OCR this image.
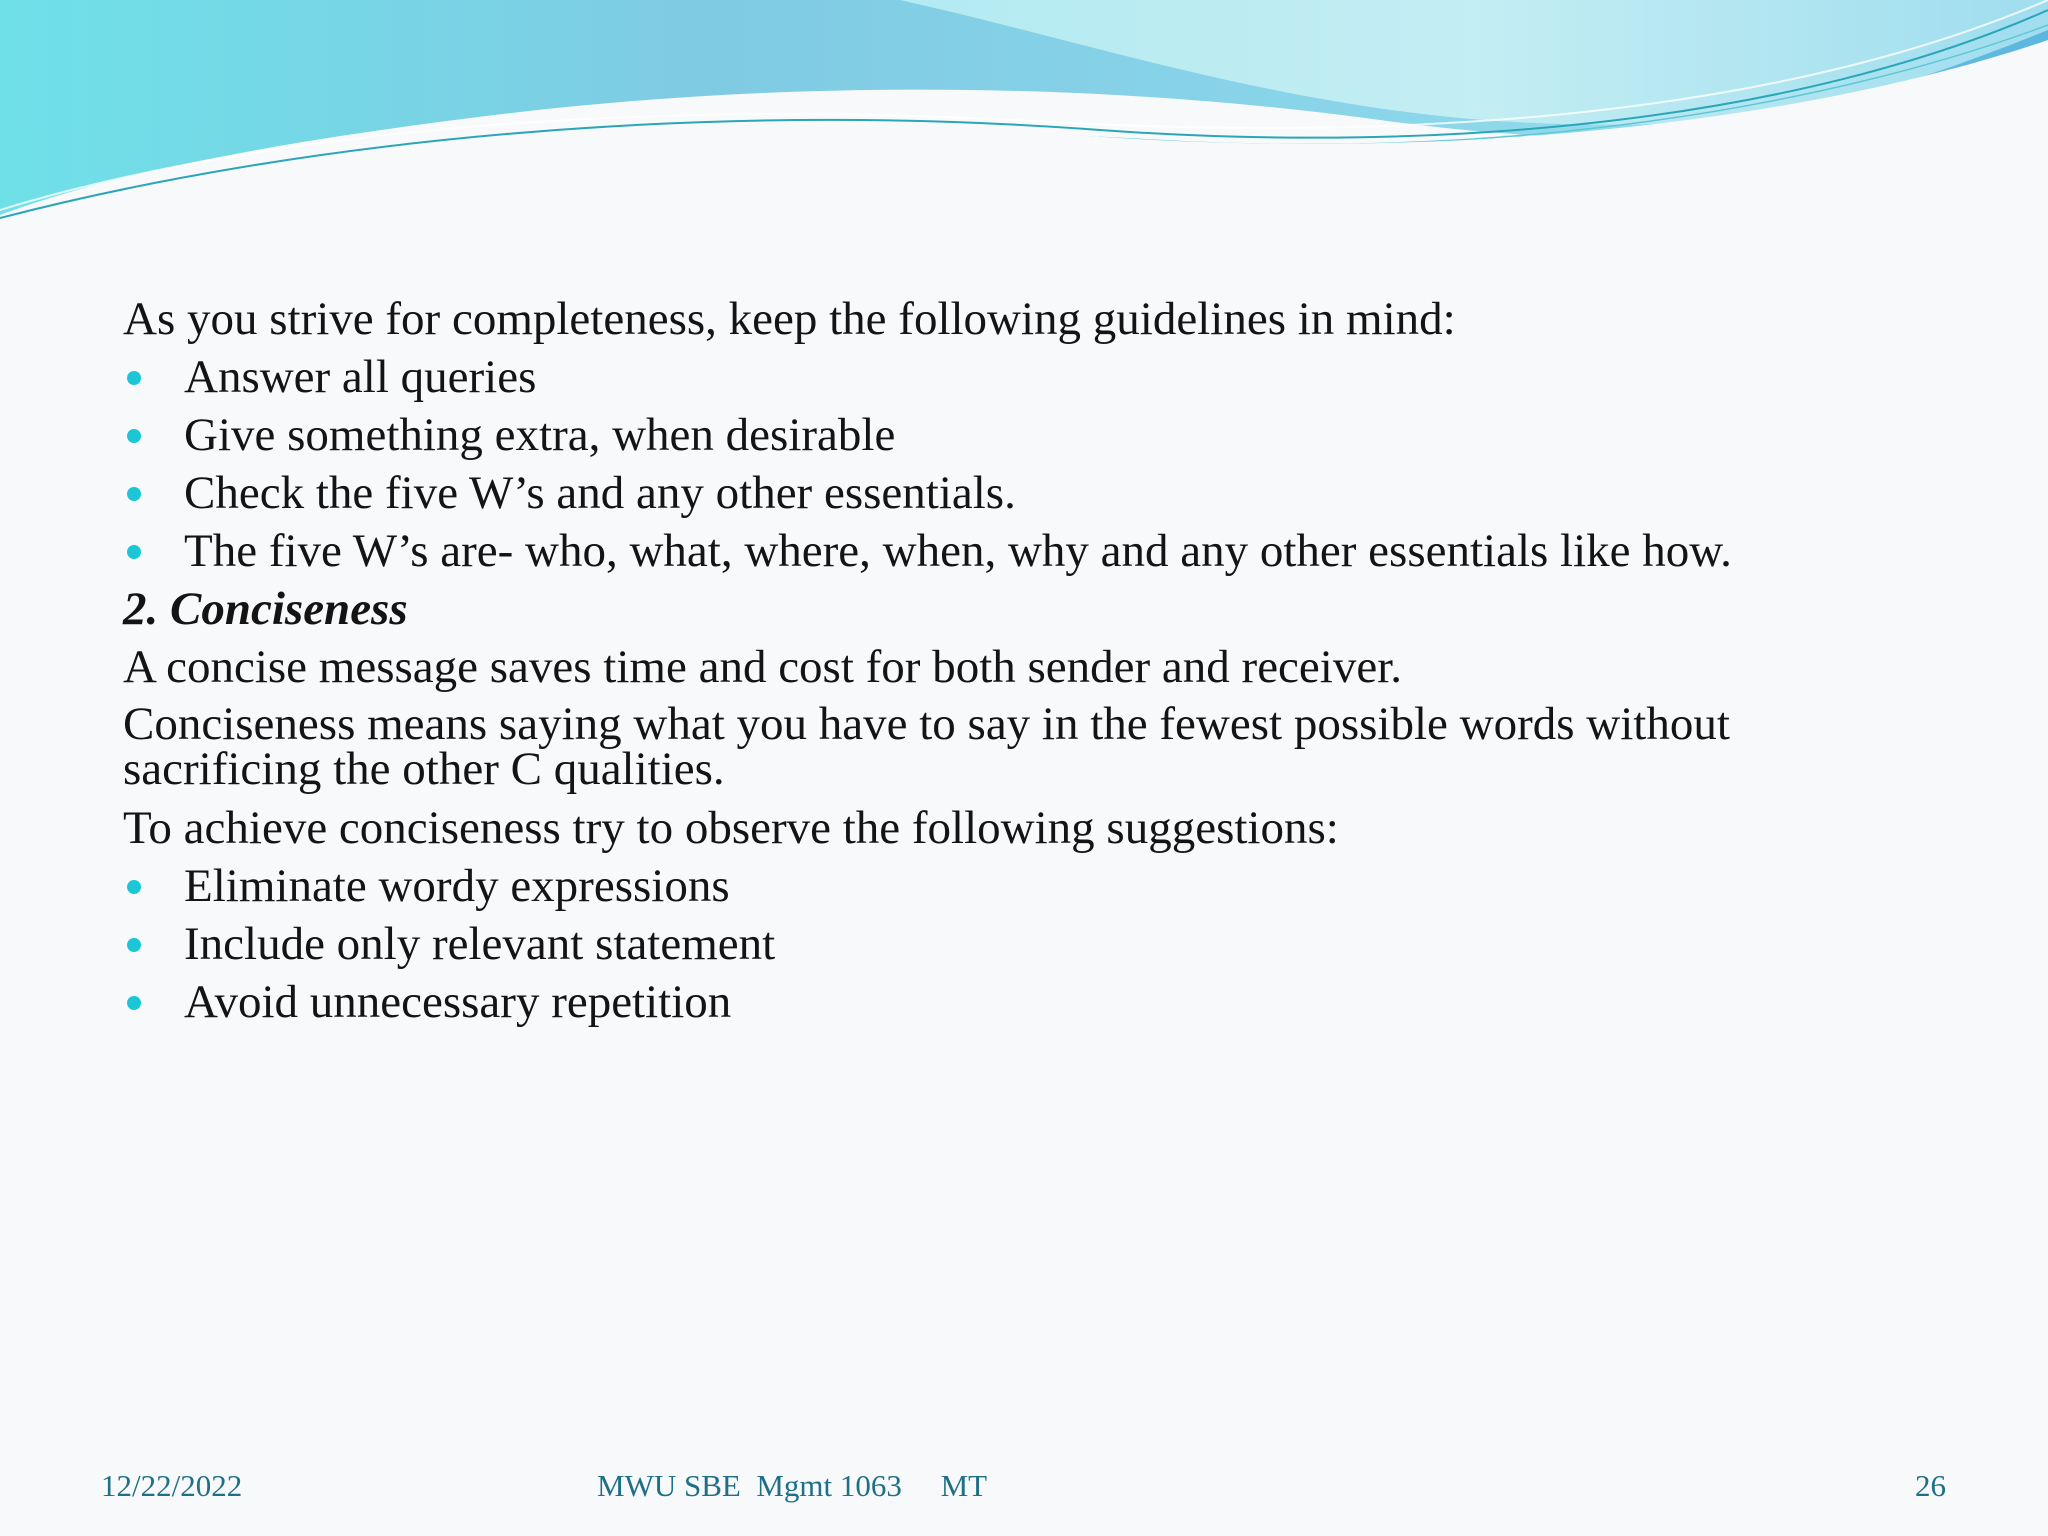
As you strive for completeness, keep the following guidelines in mind:

Answer all queries
Give something extra, when desirable
Check the five W’s and any other essentials.
The five W’s are- who, what, where, when, why and any other essentials like how.

2. Conciseness

A concise message saves time and cost for both sender and receiver.

Conciseness means saying what you have to say in the fewest possible words without sacrificing the other C qualities.

To achieve conciseness try to observe the following suggestions:

Eliminate wordy expressions
Include only relevant statement
Avoid unnecessary repetition
12/22/2022	MWU SBE  Mgmt 1063     MT	26
